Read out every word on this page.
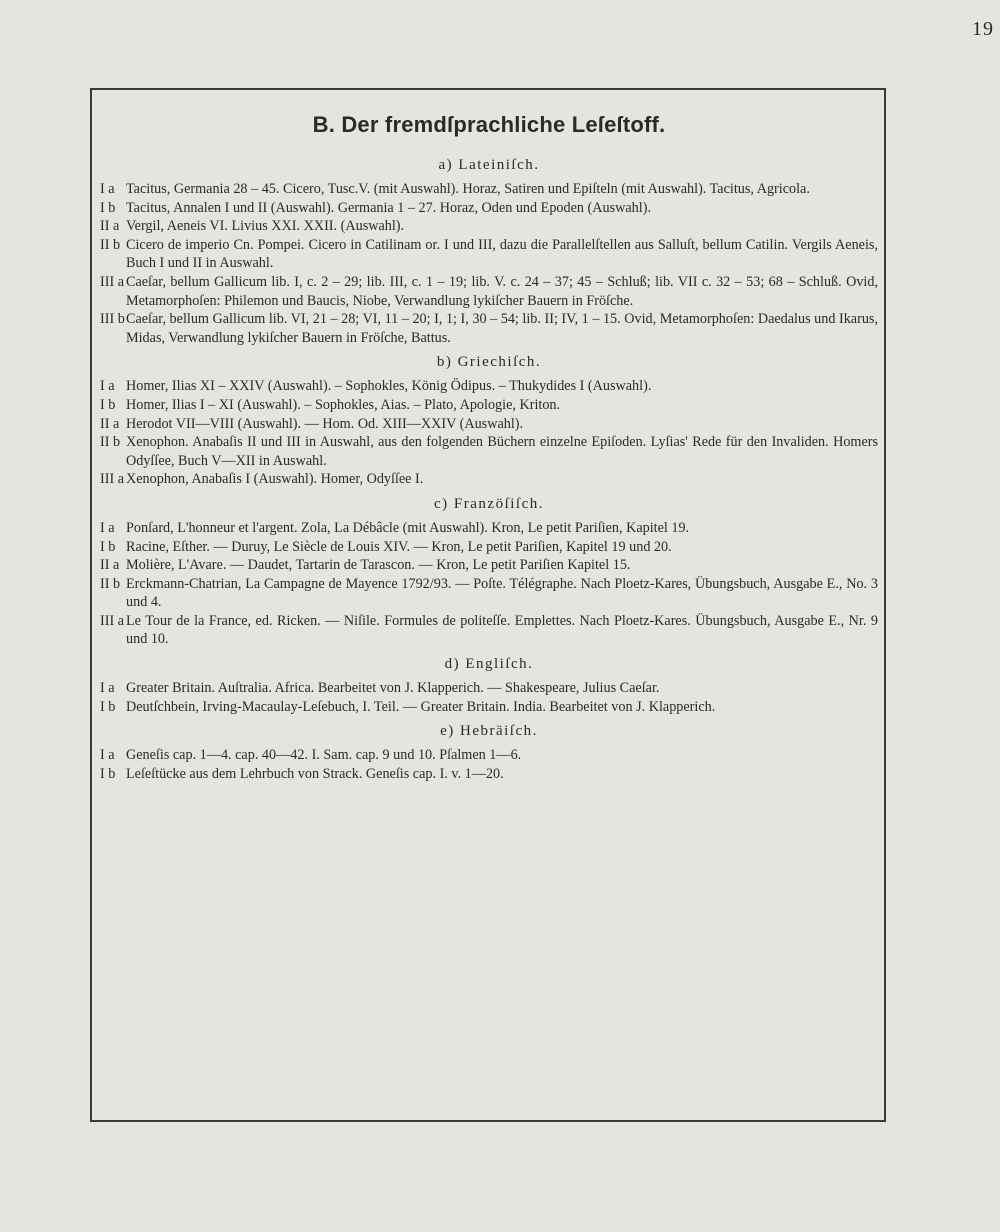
19
B. Der fremdſprachliche Leſeſtoff.
a) Lateiniſch.
I a Tacitus, Germania 28 – 45. Cicero, Tusc.V. (mit Auswahl). Horaz, Satiren und Epiſteln (mit Auswahl). Tacitus, Agricola.
I b Tacitus, Annalen I und II (Auswahl). Germania 1 – 27. Horaz, Oden und Epoden (Auswahl).
II a Vergil, Aeneis VI. Livius XXI. XXII. (Auswahl).
II b Cicero de imperio Cn. Pompei. Cicero in Catilinam or. I und III, dazu die Parallelſtellen aus Salluſt, bellum Catilin. Vergils Aeneis, Buch I und II in Auswahl.
III a Caeſar, bellum Gallicum lib. I, c. 2 – 29; lib. III, c. 1 – 19; lib. V. c. 24 – 37; 45 – Schluß; lib. VII c. 32 – 53; 68 – Schluß. Ovid, Metamorphoſen: Philemon und Baucis, Niobe, Verwandlung lykiſcher Bauern in Fröſche.
III b Caeſar, bellum Gallicum lib. VI, 21 – 28; VI, 11 – 20; I, 1; I, 30 – 54; lib. II; IV, 1 – 15. Ovid, Metamorphoſen: Daedalus und Ikarus, Midas, Verwandlung lykiſcher Bauern in Fröſche, Battus.
b) Griechiſch.
I a Homer, Ilias XI – XXIV (Auswahl). – Sophokles, König Ödipus. – Thukydides I (Auswahl).
I b Homer, Ilias I – XI (Auswahl). – Sophokles, Aias. – Plato, Apologie, Kriton.
II a Herodot VII—VIII (Auswahl). — Hom. Od. XIII—XXIV (Auswahl).
II b Xenophon. Anabaſis II und III in Auswahl, aus den folgenden Büchern einzelne Epiſoden. Lyſias' Rede für den Invaliden. Homers Odyſſee, Buch V—XII in Auswahl.
III a Xenophon, Anabaſis I (Auswahl). Homer, Odyſſee I.
c) Franzöſiſch.
I a Ponſard, L'honneur et l'argent. Zola, La Débâcle (mit Auswahl). Kron, Le petit Pariſien, Kapitel 19.
I b Racine, Eſther. — Duruy, Le Siècle de Louis XIV. — Kron, Le petit Pariſien, Kapitel 19 und 20.
II a Molière, L'Avare. — Daudet, Tartarin de Tarascon. — Kron, Le petit Pariſien Kapitel 15.
II b Erckmann-Chatrian, La Campagne de Mayence 1792/93. — Poſte. Télégraphe. Nach Ploetz-Kares, Übungsbuch, Ausgabe E., No. 3 und 4.
III a Le Tour de la France, ed. Ricken. — Niſile. Formules de politeſſe. Emplettes. Nach Ploetz-Kares. Übungsbuch, Ausgabe E., Nr. 9 und 10.
d) Engliſch.
I a Greater Britain. Auſtralia. Africa. Bearbeitet von J. Klapperich. — Shakespeare, Julius Caeſar.
I b Deutſchbein, Irving-Macaulay-Leſebuch, I. Teil. — Greater Britain. India. Bearbeitet von J. Klapperich.
e) Hebräiſch.
I a Geneſis cap. 1—4. cap. 40—42. I. Sam. cap. 9 und 10. Pſalmen 1—6.
I b Leſeſtücke aus dem Lehrbuch von Strack. Geneſis cap. I. v. 1—20.
